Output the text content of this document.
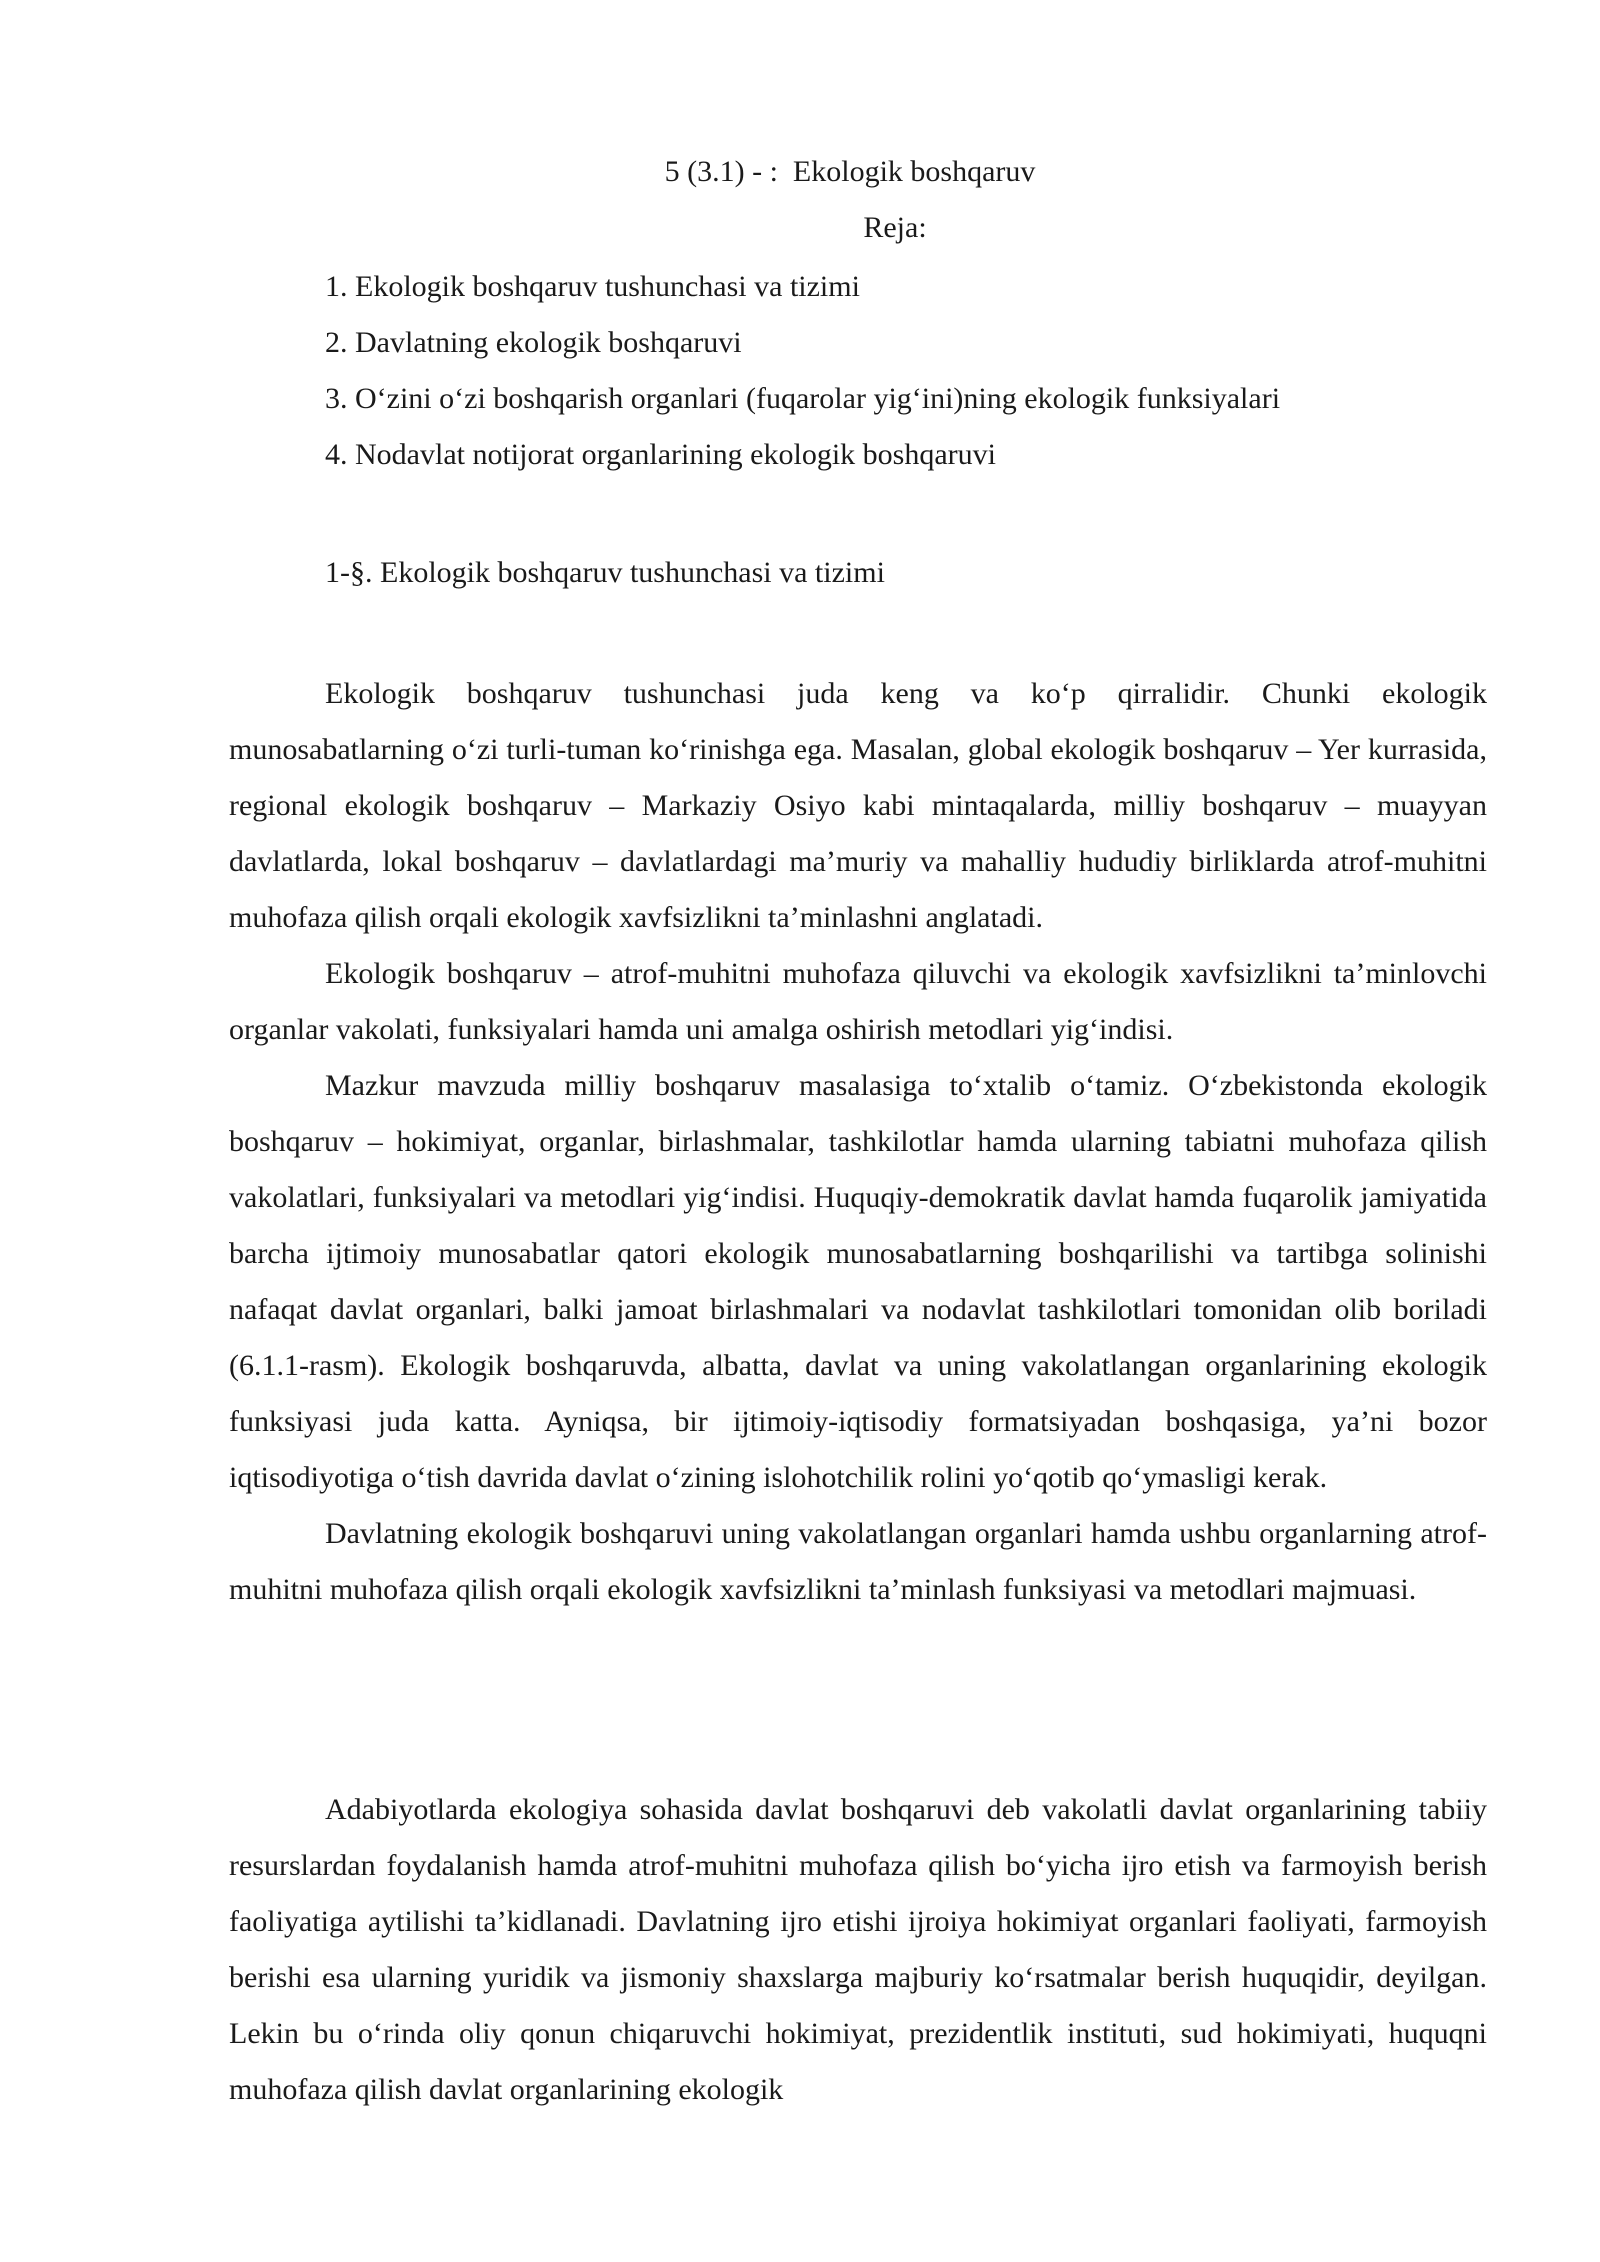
5 (3.1) - :  Ekologik boshqaruv
Reja:
1. Ekologik boshqaruv tushunchasi va tizimi
2. Davlatning ekologik boshqaruvi
3. O‘zini o‘zi boshqarish organlari (fuqarolar yig‘ini)ning ekologik funksiyalari
4. Nodavlat notijorat organlarining ekologik boshqaruvi
1-§. Ekologik boshqaruv tushunchasi va tizimi

Ekologik boshqaruv tushunchasi juda keng va ko‘p qirralidir. Chunki ekologik munosabatlarning o‘zi turli-tuman ko‘rinishga ega. Masalan, global ekologik boshqaruv – Yer kurrasida, regional ekologik boshqaruv – Markaziy Osiyo kabi mintaqalarda, milliy boshqaruv – muayyan davlatlarda, lokal boshqaruv – davlatlardagi ma’muriy va mahalliy hududiy birliklarda atrof-muhitni muhofaza qilish orqali ekologik xavfsizlikni ta’minlashni anglatadi.

Ekologik boshqaruv – atrof-muhitni muhofaza qiluvchi va ekologik xavfsizlikni ta’minlovchi organlar vakolati, funksiyalari hamda uni amalga oshirish metodlari yig‘indisi.

Mazkur mavzuda milliy boshqaruv masalasiga to‘xtalib o‘tamiz. O‘zbekistonda ekologik boshqaruv – hokimiyat, organlar, birlashmalar, tashkilotlar hamda ularning tabiatni muhofaza qilish vakolatlari, funksiyalari va metodlari yig‘indisi. Huquqiy-demokratik davlat hamda fuqarolik jamiyatida barcha ijtimoiy munosabatlar qatori ekologik munosabatlarning boshqarilishi va tartibga solinishi nafaqat davlat organlari, balki jamoat birlashmalari va nodavlat tashkilotlari tomonidan olib boriladi (6.1.1-rasm). Ekologik boshqaruvda, albatta, davlat va uning vakolatlangan organlarining ekologik funksiyasi juda katta. Ayniqsa, bir ijtimoiy-iqtisodiy formatsiyadan boshqasiga, ya’ni bozor iqtisodiyotiga o‘tish davrida davlat o‘zining islohotchilik rolini yo‘qotib qo‘ymasligi kerak.

Davlatning ekologik boshqaruvi uning vakolatlangan organlari hamda ushbu organlarning atrof-muhitni muhofaza qilish orqali ekologik xavfsizlikni ta’minlash funksiyasi va metodlari majmuasi.

Adabiyotlarda ekologiya sohasida davlat boshqaruvi deb vakolatli davlat organlarining tabiiy resurslardan foydalanish hamda atrof-muhitni muhofaza qilish bo‘yicha ijro etish va farmoyish berish faoliyatiga aytilishi ta’kidlanadi. Davlatning ijro etishi ijroiya hokimiyat organlari faoliyati, farmoyish berishi esa ularning yuridik va jismoniy shaxslarga majburiy ko‘rsatmalar berish huquqidir, deyilgan. Lekin bu o‘rinda oliy qonun chiqaruvchi hokimiyat, prezidentlik instituti, sud hokimiyati, huquqni muhofaza qilish davlat organlarining ekologik
